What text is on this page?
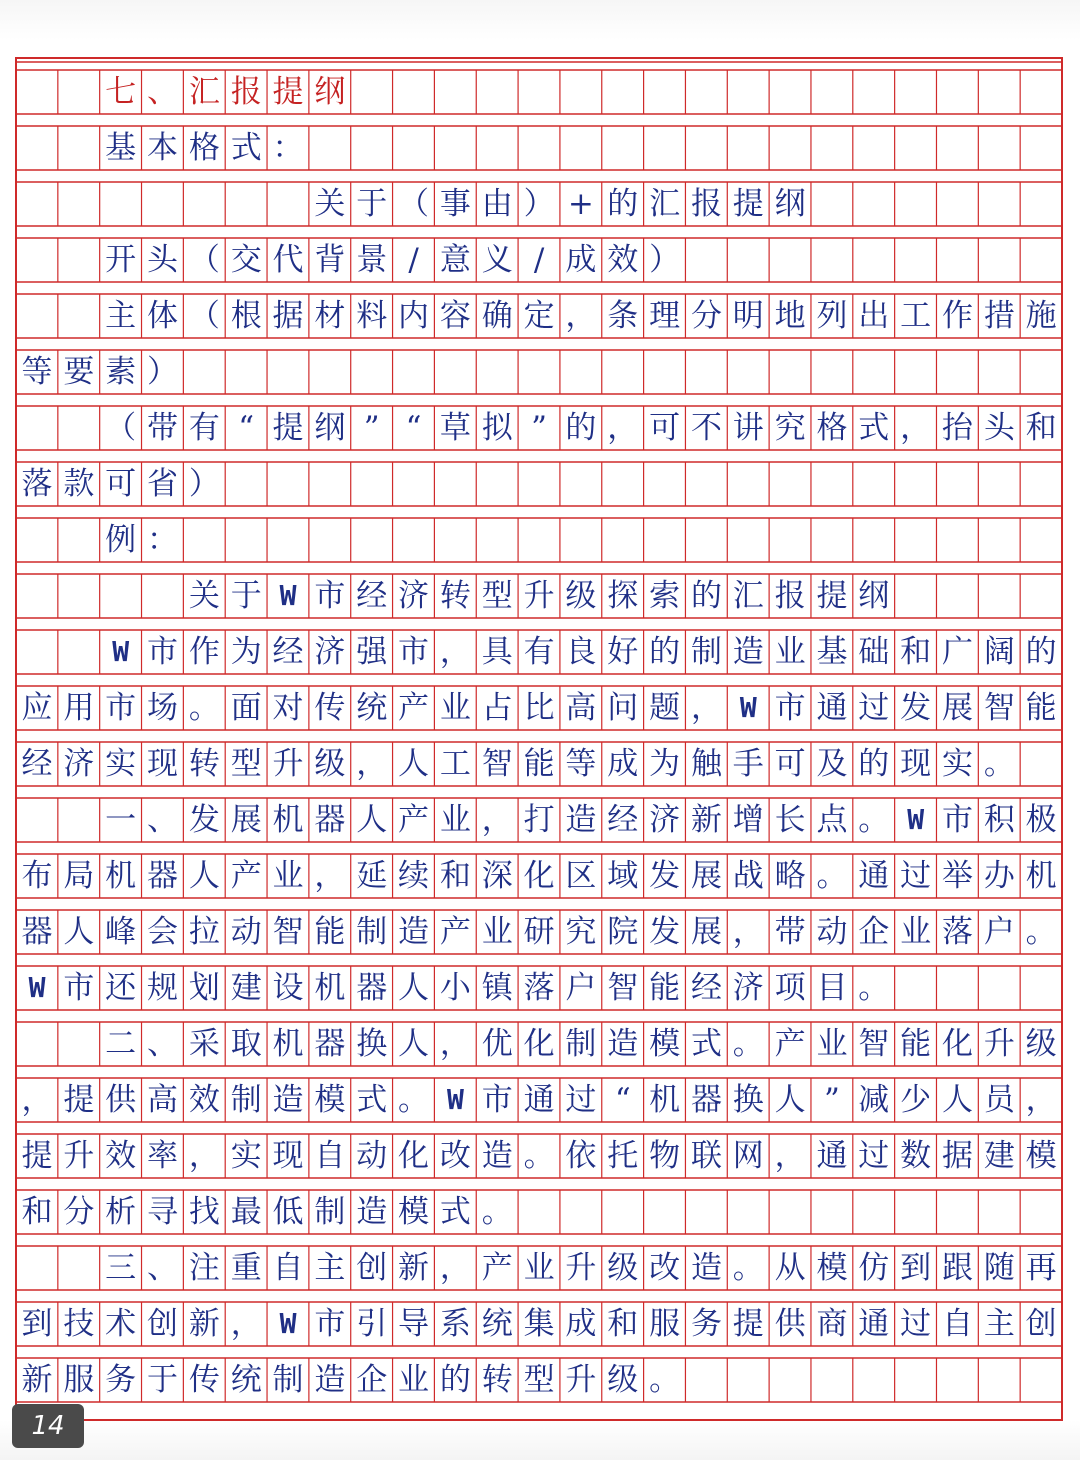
七 、 汇 报 提 纲
基 本 格 式 ：
关 于 （ 事 由 ） + 的 汇 报 提 纲
开 头 （ 交 代 背 景 / 意 义 / 成 效 ）
主 体 （ 根 据 材 料 内 容 确 定 ， 条 理 分 明 地 列 出 工 作 措 施
等 要 素 ）
（ 带 有 “ 提 纲 ” “ 草 拟 ” 的 ， 可 不 讲 究 格 式 ， 抬 头 和
落 款 可 省 ）
例 ：
关 于 W 市 经 济 转 型 升 级 探 索 的 汇 报 提 纲
W 市 作 为 经 济 强 市 ， 具 有 良 好 的 制 造 业 基 础 和 广 阔 的
应 用 市 场 。 面 对 传 统 产 业 占 比 高 问 题 ， W 市 通 过 发 展 智 能
经 济 实 现 转 型 升 级 ， 人 工 智 能 等 成 为 触 手 可 及 的 现 实 。
一 、 发 展 机 器 人 产 业 ， 打 造 经 济 新 增 长 点 。 W 市 积 极
布 局 机 器 人 产 业 ， 延 续 和 深 化 区 域 发 展 战 略 。 通 过 举 办 机
器 人 峰 会 拉 动 智 能 制 造 产 业 研 究 院 发 展 ， 带 动 企 业 落 户 。
W 市 还 规 划 建 设 机 器 人 小 镇 落 户 智 能 经 济 项 目 。
二 、 采 取 机 器 换 人 ， 优 化 制 造 模 式 。 产 业 智 能 化 升 级
， 提 供 高 效 制 造 模 式 。 W 市 通 过 “ 机 器 换 人 ” 减 少 人 员 ，
提 升 效 率 ， 实 现 自 动 化 改 造 。 依 托 物 联 网 ， 通 过 数 据 建 模
和 分 析 寻 找 最 低 制 造 模 式 。
三 、 注 重 自 主 创 新 ， 产 业 升 级 改 造 。 从 模 仿 到 跟 随 再
到 技 术 创 新 ， W 市 引 导 系 统 集 成 和 服 务 提 供 商 通 过 自 主 创
新 服 务 于 传 统 制 造 企 业 的 转 型 升 级 。
14
